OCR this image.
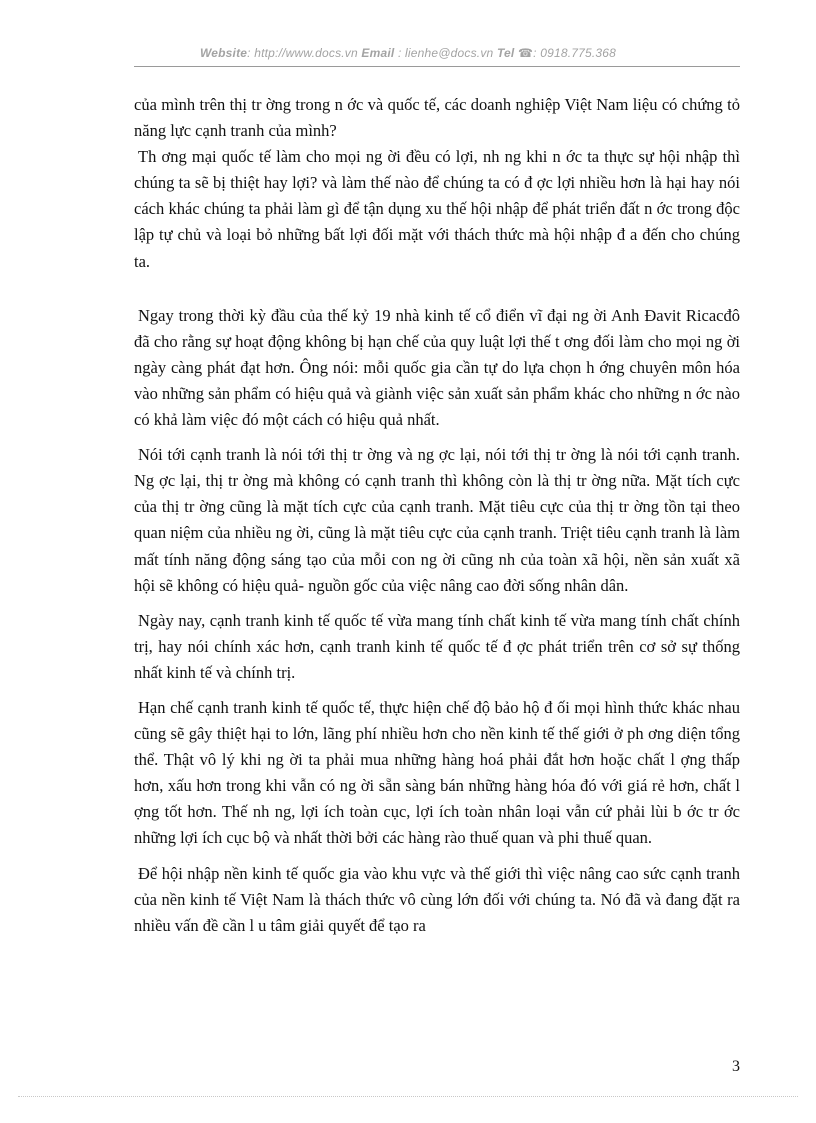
Website: http://www.docs.vn Email : lienhe@docs.vn Tel ☎: 0918.775.368

của mình trên thị tr ờng trong n ớc và quốc tế, các doanh nghiệp Việt Nam liệu có chứng tỏ năng lực cạnh tranh của mình?

Th ơng mại quốc tế làm cho mọi ng ời đều có lợi, nh ng khi n ớc ta thực sự hội nhập thì chúng ta sẽ bị thiệt hay lợi? và làm thế nào để chúng ta có đ ợc lợi nhiều hơn là hại hay nói cách khác chúng ta phải làm gì để tận dụng xu thế hội nhập để phát triển đất n ớc trong độc lập tự chủ và loại bỏ những bất lợi đối mặt với thách thức mà hội nhập đ a đến cho chúng ta.

Ngay trong thời kỳ đầu của thế kỷ 19 nhà kinh tế cổ điển vĩ đại ng ời Anh Đavit Ricacđô đã cho rằng sự hoạt động không bị hạn chế của quy luật lợi thế t ơng đối làm cho mọi ng ời ngày càng phát đạt hơn. Ông nói: mỗi quốc gia cần tự do lựa chọn h ớng chuyên môn hóa vào những sản phẩm có hiệu quả và giành việc sản xuất sản phẩm khác cho những n ớc nào có khả làm việc đó một cách có hiệu quả nhất.

Nói tới cạnh tranh là nói tới thị tr ờng và ng ợc lại, nói tới thị tr ờng là nói tới cạnh tranh. Ng ợc lại, thị tr ờng mà không có cạnh tranh thì không còn là thị tr ờng nữa. Mặt tích cực của thị tr ờng cũng là mặt tích cực của cạnh tranh. Mặt tiêu cực của thị tr ờng tồn tại theo quan niệm của nhiều ng ời, cũng là mặt tiêu cực của cạnh tranh. Triệt tiêu cạnh tranh là làm mất tính năng động sáng tạo của mỗi con ng ời cũng nh của toàn xã hội, nền sản xuất xã hội sẽ không có hiệu quả- nguồn gốc của việc nâng cao đời sống nhân dân.

Ngày nay, cạnh tranh kinh tế quốc tế vừa mang tính chất kinh tế vừa mang tính chất chính trị, hay nói chính xác hơn, cạnh tranh kinh tế quốc tế đ ợc phát triển trên cơ sở sự thống nhất kinh tế và chính trị.

Hạn chế cạnh tranh kinh tế quốc tế, thực hiện chế độ bảo hộ đ ối mọi hình thức khác nhau cũng sẽ gây thiệt hại to lớn, lãng phí nhiều hơn cho nền kinh tế thế giới ở ph ơng diện tổng thể. Thật vô lý khi ng ời ta phải mua những hàng hoá phải đắt hơn hoặc chất l ợng thấp hơn, xấu hơn trong khi vẫn có ng ời sẵn sàng bán những hàng hóa đó với giá rẻ hơn, chất l ợng tốt hơn. Thế nh ng, lợi ích toàn cục, lợi ích toàn nhân loại vẫn cứ phải lùi b ớc tr ớc những lợi ích cục bộ và nhất thời bởi các hàng rào thuế quan và phi thuế quan.

Để hội nhập nền kinh tế quốc gia vào khu vực và thế giới thì việc nâng cao sức cạnh tranh của nền kinh tế Việt Nam là thách thức vô cùng lớn đối với chúng ta. Nó đã và đang đặt ra nhiều vấn đề cần l u tâm giải quyết để tạo ra

3
